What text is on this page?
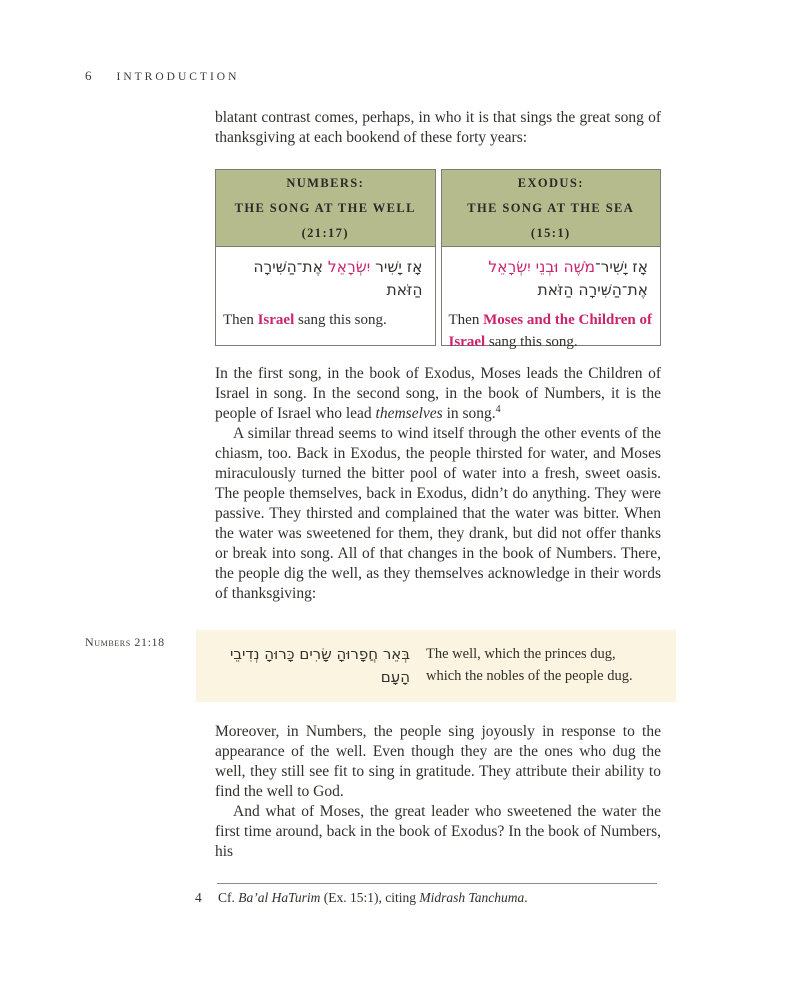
6 INTRODUCTION
Numbers 21:18

blatant contrast comes, perhaps, in who it is that sings the great song of thanksgiving at each bookend of these forty years:

NUMBERS:
THE SONG AT THE WELL
(21:17)
אָז יָשִׁיר יִשְׂרָאֵל אֶת־הַשִּׁירָה הַזֹּאת
Then Israel sang this song.
EXODUS:
THE SONG AT THE SEA
(15:1)
אָז יָשִׁיר־מֹשֶׁה וּבְנֵי יִשְׂרָאֵל אֶת־הַשִּׁירָה הַזֹּאת
Then Moses and the Children of Israel sang this song.

In the first song, in the book of Exodus, Moses leads the Children of Israel in song. In the second song, in the book of Numbers, it is the people of Israel who lead themselves in song.$^4$

A similar thread seems to wind itself through the other events of the chiasm, too. Back in Exodus, the people thirsted for water, and Moses miraculously turned the bitter pool of water into a fresh, sweet oasis. The people themselves, back in Exodus, didn’t do anything. They were passive. They thirsted and complained that the water was bitter. When the water was sweetened for them, they drank, but did not offer thanks or break into song. All of that changes in the book of Numbers. There, the people dig the well, as they themselves acknowledge in their words of thanksgiving:

בְּאֵר חֲפָרוּהָ שָׂרִים כָּרוּהָ נְדִיבֵי הָעָם
The well, which the princes dug, which the nobles of the people dug.

Moreover, in Numbers, the people sing joyously in response to the appearance of the well. Even though they are the ones who dug the well, they still see fit to sing in gratitude. They attribute their ability to find the well to God.

And what of Moses, the great leader who sweetened the water the first time around, back in the book of Exodus? In the book of Numbers, his

4 Cf. Ba’al HaTurim (Ex. 15:1), citing Midrash Tanchuma.
